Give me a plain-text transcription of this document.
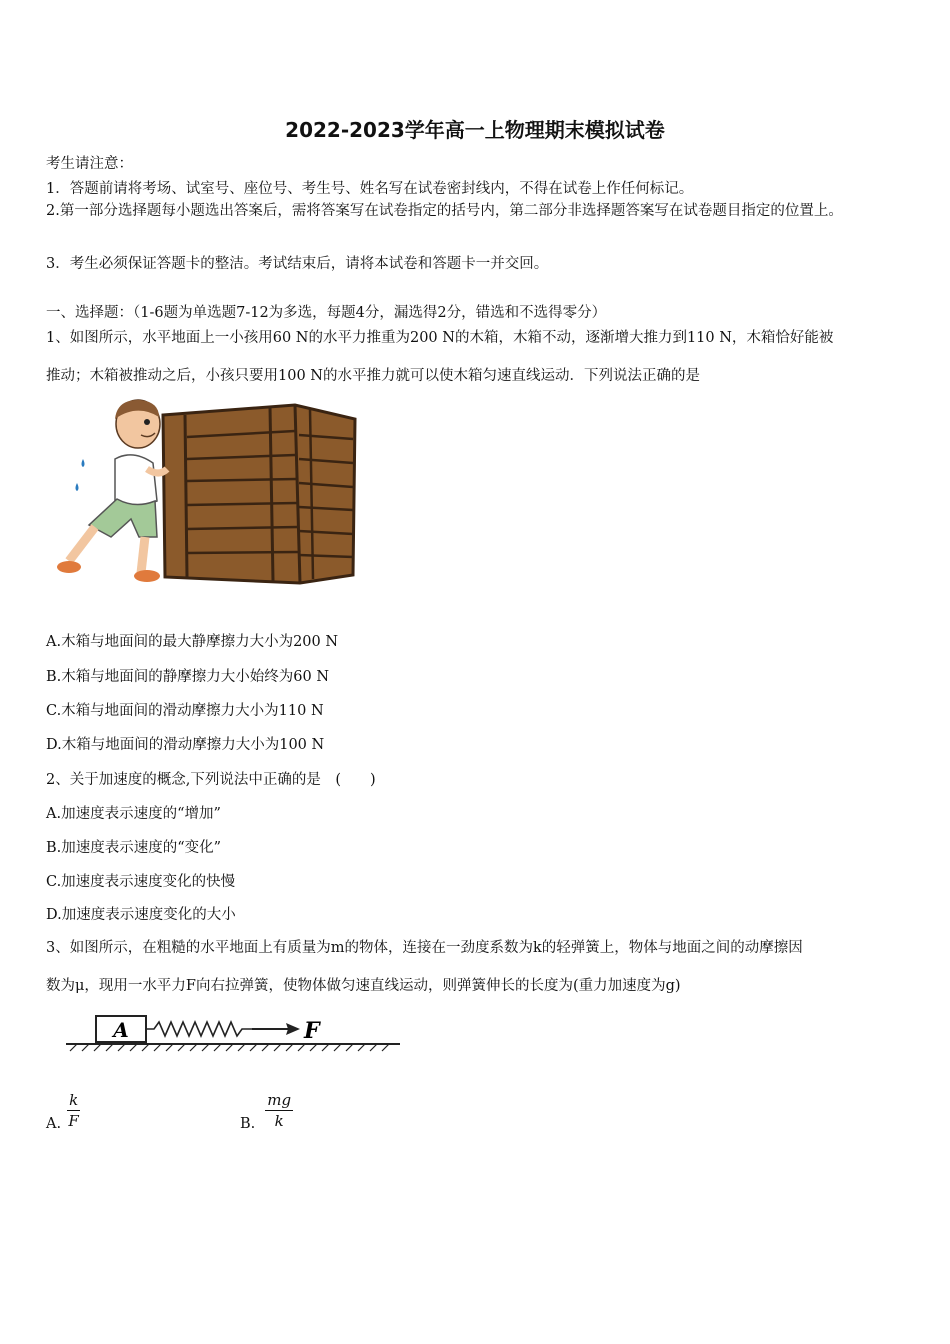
2022-2023学年高一上物理期末模拟试卷
考生请注意：
1．答题前请将考场、试室号、座位号、考生号、姓名写在试卷密封线内，不得在试卷上作任何标记。
2.第一部分选择题每小题选出答案后，需将答案写在试卷指定的括号内，第二部分非选择题答案写在试卷题目指定的位置上。
3．考生必须保证答题卡的整洁。考试结束后，请将本试卷和答题卡一并交回。
一、选择题：（1-6题为单选题7-12为多选，每题4分，漏选得2分，错选和不选得零分）
1、如图所示，水平地面上一小孩用60 N的水平力推重为200 N的木箱，木箱不动，逐渐增大推力到110 N，木箱恰好能被
推动；木箱被推动之后，小孩只要用100 N的水平推力就可以使木箱匀速直线运动．下列说法正确的是
A.木箱与地面间的最大静摩擦力大小为200 N
B.木箱与地面间的静摩擦力大小始终为60 N
C.木箱与地面间的滑动摩擦力大小为110 N
D.木箱与地面间的滑动摩擦力大小为100 N
2、关于加速度的概念,下列说法中正确的是　(　　)
A.加速度表示速度的“增加”
B.加速度表示速度的“变化”
C.加速度表示速度变化的快慢
D.加速度表示速度变化的大小
3、如图所示，在粗糙的水平地面上有质量为m的物体，连接在一劲度系数为k的轻弹簧上，物体与地面之间的动摩擦因
数为μ，现用一水平力F向右拉弹簧，使物体做匀速直线运动，则弹簧伸长的长度为(重力加速度为g)
A	F
A. $\frac{k}{F}$	B. $\frac{mg}{k}$
